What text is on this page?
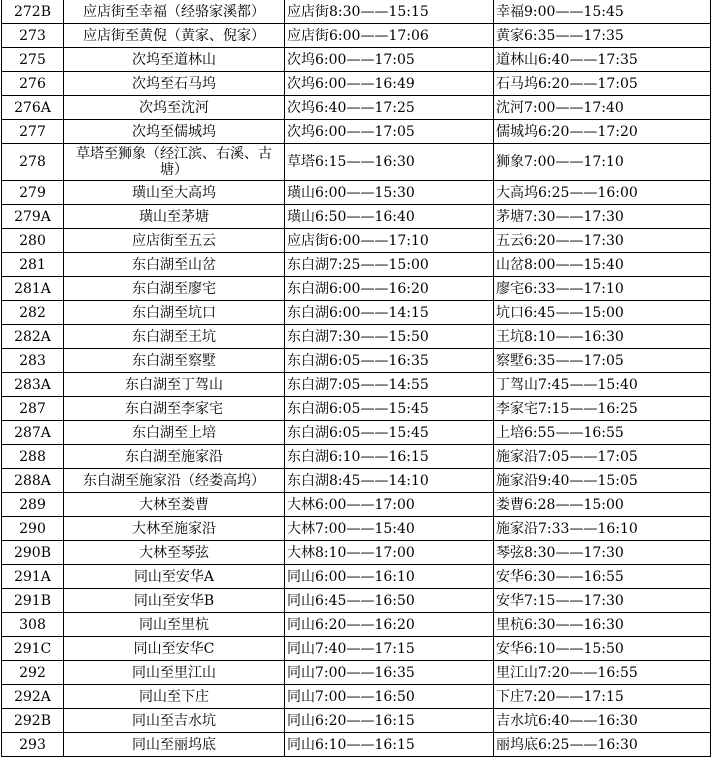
272B	应店街至幸福（经骆家溪都）	应店街8:30——15:15	幸福9:00——15:45
273	应店街至黄倪（黄家、倪家）	应店街6:00——17:06	黄家6:35——17:35
275	次坞至道林山	次坞6:00——17:05	道林山6:40——17:35
276	次坞至石马坞	次坞6:00——16:49	石马坞6:20——17:05
276A	次坞至沈河	次坞6:40——17:25	沈河7:00——17:40
277	次坞至儒城坞	次坞6:00——17:05	儒城坞6:20——17:20
278	草塔至狮象（经江滨、右溪、古塘）	草塔6:15——16:30	狮象7:00——17:10
279	璜山至大高坞	璜山6:00——15:30	大高坞6:25——16:00
279A	璜山至茅塘	璜山6:50——16:40	茅塘7:30——17:30
280	应店街至五云	应店街6:00——17:10	五云6:20——17:30
281	东白湖至山岔	东白湖7:25——15:00	山岔8:00——15:40
281A	东白湖至廖宅	东白湖6:00——16:20	廖宅6:33——17:10
282	东白湖至坑口	东白湖6:00——14:15	坑口6:45——15:00
282A	东白湖至王坑	东白湖7:30——15:50	王坑8:10——16:30
283	东白湖至察墅	东白湖6:05——16:35	察墅6:35——17:05
283A	东白湖至丁驾山	东白湖7:05——14:55	丁驾山7:45——15:40
287	东白湖至李家宅	东白湖6:05——15:45	李家宅7:15——16:25
287A	东白湖至上培	东白湖6:05——15:45	上培6:55——16:55
288	东白湖至施家沿	东白湖6:10——16:15	施家沿7:05——17:05
288A	东白湖至施家沿（经娄高坞）	东白湖8:45——14:10	施家沿9:40——15:05
289	大林至娄曹	大林6:00——17:00	娄曹6:28——15:00
290	大林至施家沿	大林7:00——15:40	施家沿7:33——16:10
290B	大林至琴弦	大林8:10——17:00	琴弦8:30——17:30
291A	同山至安华A	同山6:00——16:10	安华6:30——16:55
291B	同山至安华B	同山6:45——16:50	安华7:15——17:30
308	同山至里杭	同山6:20——16:20	里杭6:30——16:30
291C	同山至安华C	同山7:40——17:15	安华6:10——15:50
292	同山至里江山	同山7:00——16:35	里江山7:20——16:55
292A	同山至下庄	同山7:00——16:50	下庄7:20——17:15
292B	同山至吉水坑	同山6:20——16:15	吉水坑6:40——16:30
293	同山至丽坞底	同山6:10——16:15	丽坞底6:25——16:30
